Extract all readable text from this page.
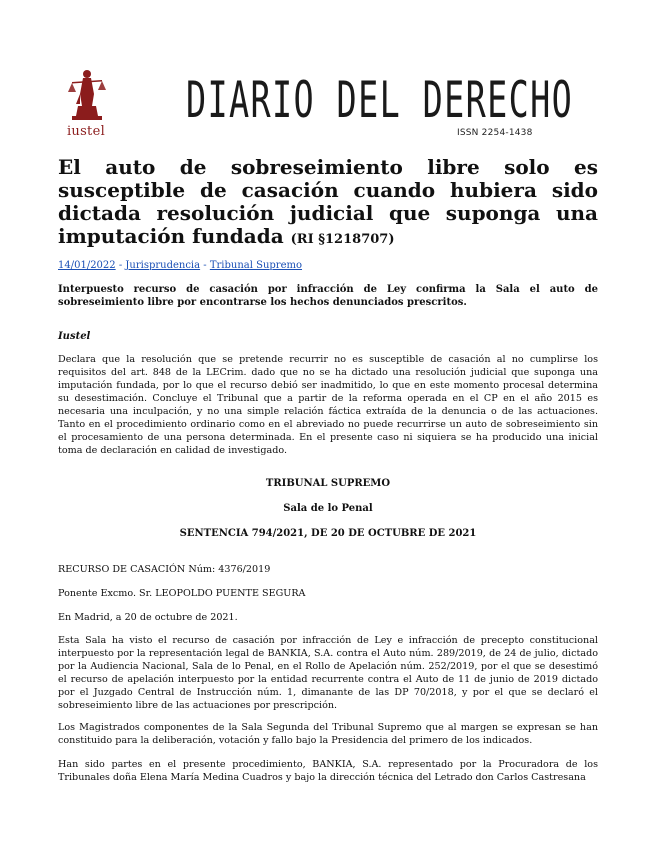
iustel
DIARIO DEL DERECHO
ISSN 2254-1438
El auto de sobreseimiento libre solo es susceptible de casación cuando hubiera sido dictada resolución judicial que suponga una imputación fundada (RI §1218707)
14/01/2022 - Jurisprudencia - Tribunal Supremo

Interpuesto recurso de casación por infracción de Ley confirma la Sala el auto de sobreseimiento libre por encontrarse los hechos denunciados prescritos.

Iustel

Declara que la resolución que se pretende recurrir no es susceptible de casación al no cumplirse los requisitos del art. 848 de la LECrim. dado que no se ha dictado una resolución judicial que suponga una imputación fundada, por lo que el recurso debió ser inadmitido, lo que en este momento procesal determina su desestimación. Concluye el Tribunal que a partir de la reforma operada en el CP en el año 2015 es necesaria una inculpación, y no una simple relación fáctica extraída de la denuncia o de las actuaciones. Tanto en el procedimiento ordinario como en el abreviado no puede recurrirse un auto de sobreseimiento sin el procesamiento de una persona determinada. En el presente caso ni siquiera se ha producido una inicial toma de declaración en calidad de investigado.

TRIBUNAL SUPREMO

Sala de lo Penal

SENTENCIA 794/2021, DE 20 DE OCTUBRE DE 2021

RECURSO DE CASACIÓN Núm: 4376/2019

Ponente Excmo. Sr. LEOPOLDO PUENTE SEGURA

En Madrid, a 20 de octubre de 2021.

Esta Sala ha visto el recurso de casación por infracción de Ley e infracción de precepto constitucional interpuesto por la representación legal de BANKIA, S.A. contra el Auto núm. 289/2019, de 24 de julio, dictado por la Audiencia Nacional, Sala de lo Penal, en el Rollo de Apelación núm. 252/2019, por el que se desestimó el recurso de apelación interpuesto por la entidad recurrente contra el Auto de 11 de junio de 2019 dictado por el Juzgado Central de Instrucción núm. 1, dimanante de las DP 70/2018, y por el que se declaró el sobreseimiento libre de las actuaciones por prescripción.

Los Magistrados componentes de la Sala Segunda del Tribunal Supremo que al margen se expresan se han constituido para la deliberación, votación y fallo bajo la Presidencia del primero de los indicados.

Han sido partes en el presente procedimiento, BANKIA, S.A. representado por la Procuradora de los Tribunales doña Elena María Medina Cuadros y bajo la dirección técnica del Letrado don Carlos Castresana
